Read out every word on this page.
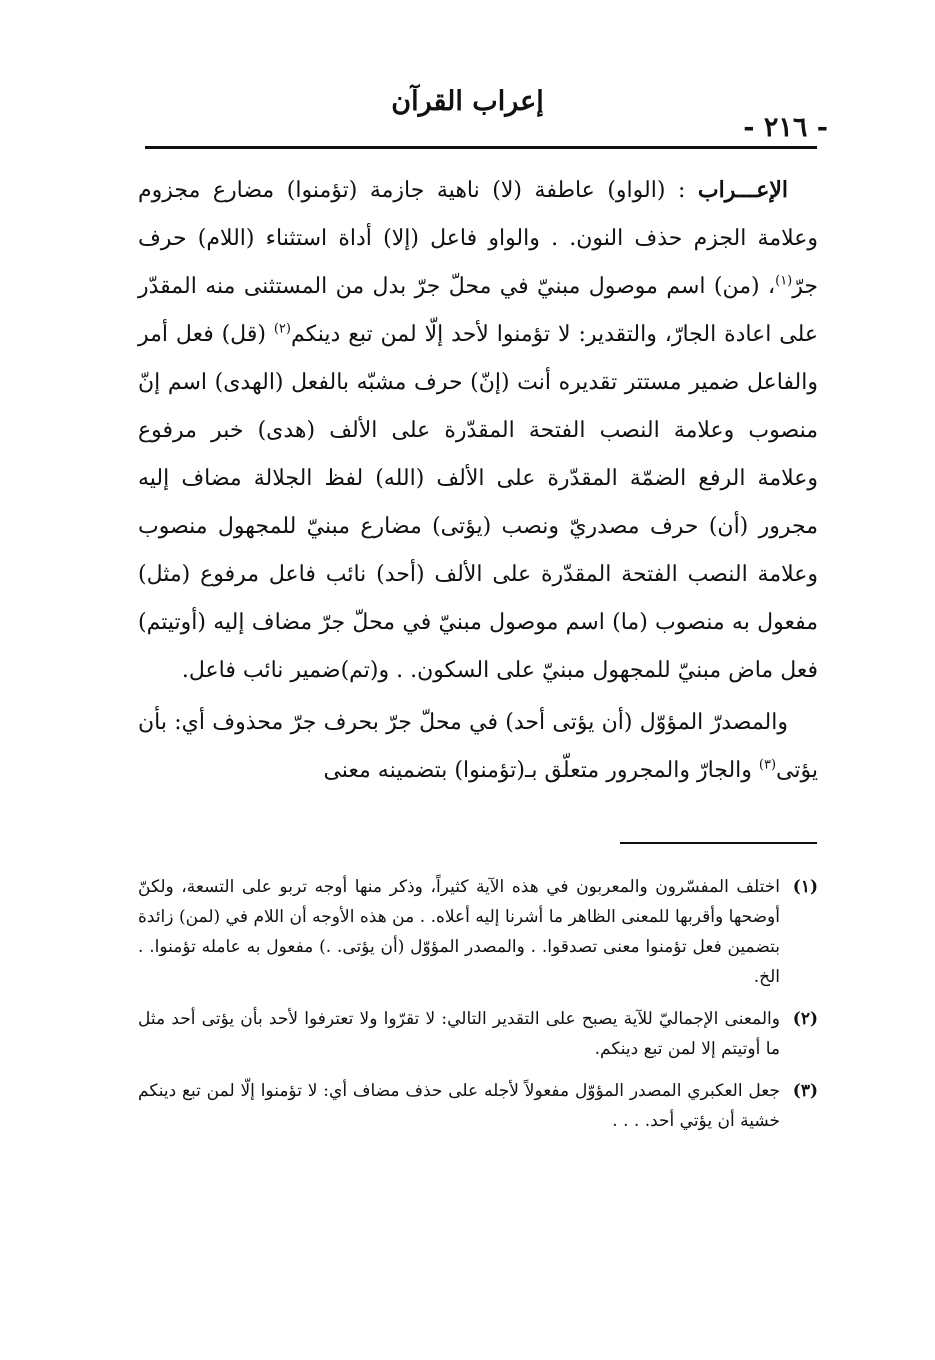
إعراب القرآن
- ٢١٦ -

الإعـــراب : (الواو) عاطفة (لا) ناهية جازمة (تؤمنوا) مضارع مجزوم وعلامة الجزم حذف النون. . والواو فاعل (إلا) أداة استثناء (اللام) حرف جرّ$^{(١)}$، (من) اسم موصول مبنيّ في محلّ جرّ بدل من المستثنى منه المقدّر على اعادة الجارّ، والتقدير: لا تؤمنوا لأحد إلّا لمن تبع دينكم$^{(٢)}$ (قل) فعل أمر والفاعل ضمير مستتر تقديره أنت (إنّ) حرف مشبّه بالفعل (الهدى) اسم إنّ منصوب وعلامة النصب الفتحة المقدّرة على الألف (هدى) خبر مرفوع وعلامة الرفع الضمّة المقدّرة على الألف (الله) لفظ الجلالة مضاف إليه مجرور (أن) حرف مصدريّ ونصب (يؤتى) مضارع مبنيّ للمجهول منصوب وعلامة النصب الفتحة المقدّرة على الألف (أحد) نائب فاعل مرفوع (مثل) مفعول به منصوب (ما) اسم موصول مبنيّ في محلّ جرّ مضاف إليه (أوتيتم) فعل ماض مبنيّ للمجهول مبنيّ على السكون. . و(تم)ضمير نائب فاعل.

والمصدرّ المؤوّل (أن يؤتى أحد) في محلّ جرّ بحرف جرّ محذوف أي: بأن يؤتى$^{(٣)}$ والجارّ والمجرور متعلّق بـ(تؤمنوا) بتضمينه معنى

(١)
اختلف المفسّرون والمعربون في هذه الآية كثيراً، وذكر منها أوجه تربو على التسعة، ولكنّ أوضحها وأقربها للمعنى الظاهر ما أشرنا إليه أعلاه. . من هذه الأوجه أن اللام في (لمن) زائدة بتضمين فعل تؤمنوا معنى تصدقوا. . والمصدر المؤوّل (أن يؤتى. .) مفعول به عامله تؤمنوا. . الخ.
(٢)
والمعنى الإجماليّ للآية يصبح على التقدير التالي: لا تقرّوا ولا تعترفوا لأحد بأن يؤتى أحد مثل ما أوتيتم إلا لمن تبع دينكم.
(٣)
جعل العكبري المصدر المؤوّل مفعولاً لأجله على حذف مضاف أي: لا تؤمنوا إلّا لمن تبع دينكم خشية أن يؤتي أحد. . . .
